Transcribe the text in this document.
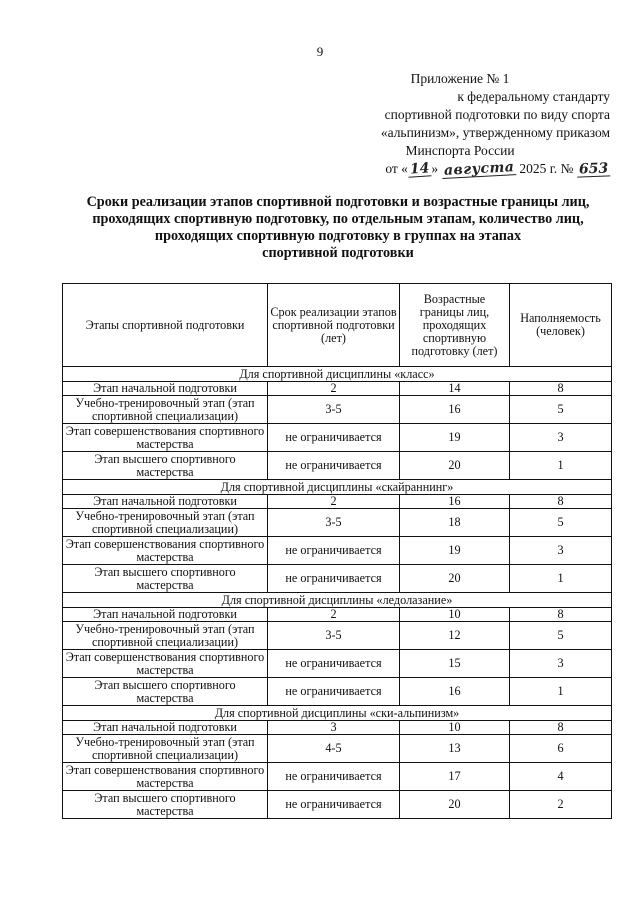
9
Приложение № 1
к федеральному стандарту
спортивной подготовки по виду спорта
«альпинизм», утвержденному приказом
Минспорта России
от «14 » августа 2025 г. № 653
Сроки реализации этапов спортивной подготовки и возрастные границы лиц,
проходящих спортивную подготовку, по отдельным этапам, количество лиц,
проходящих спортивную подготовку в группах на этапах
спортивной подготовки
Этапы спортивной подготовки	Срок реализации этапов спортивной подготовки (лет)	Возрастные границы лиц, проходящих спортивную подготовку (лет)	Наполняемость (человек)
Для спортивной дисциплины «класс»			
Этап начальной подготовки	2	14	8
Учебно-тренировочный этап (этап спортивной специализации)	3-5	16	5
Этап совершенствования спортивного мастерства	не ограничивается	19	3
Этап высшего спортивного мастерства	не ограничивается	20	1
Для спортивной дисциплины «скайраннинг»			
Этап начальной подготовки	2	16	8
Учебно-тренировочный этап (этап спортивной специализации)	3-5	18	5
Этап совершенствования спортивного мастерства	не ограничивается	19	3
Этап высшего спортивного мастерства	не ограничивается	20	1
Для спортивной дисциплины «ледолазание»			
Этап начальной подготовки	2	10	8
Учебно-тренировочный этап (этап спортивной специализации)	3-5	12	5
Этап совершенствования спортивного мастерства	не ограничивается	15	3
Этап высшего спортивного мастерства	не ограничивается	16	1
Для спортивной дисциплины «ски-альпинизм»			
Этап начальной подготовки	3	10	8
Учебно-тренировочный этап (этап спортивной специализации)	4-5	13	6
Этап совершенствования спортивного мастерства	не ограничивается	17	4
Этап высшего спортивного мастерства	не ограничивается	20	2
